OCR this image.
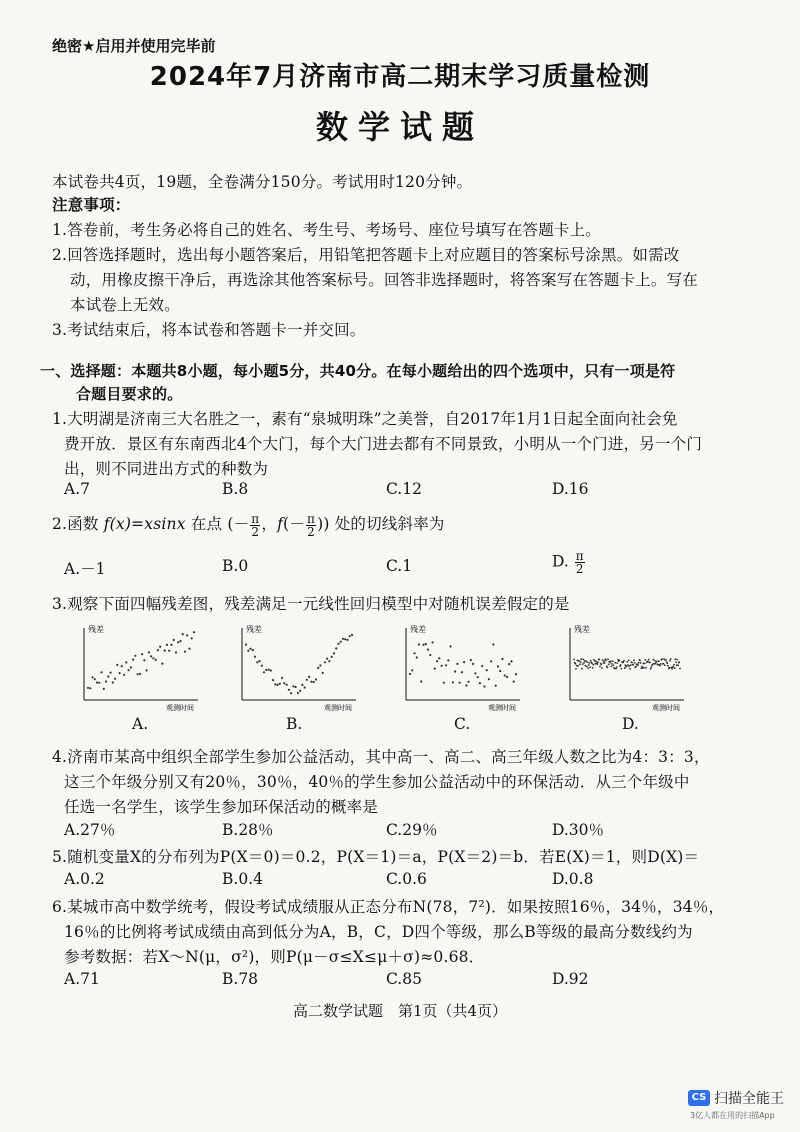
绝密★启用并使用完毕前
2024年7月济南市高二期末学习质量检测
数学试题
本试卷共4页，19题，全卷满分150分。考试用时120分钟。
注意事项：
1.答卷前，考生务必将自己的姓名、考生号、考场号、座位号填写在答题卡上。
2.回答选择题时，选出每小题答案后，用铅笔把答题卡上对应题目的答案标号涂黑。如需改
动，用橡皮擦干净后，再选涂其他答案标号。回答非选择题时，将答案写在答题卡上。写在
本试卷上无效。
3.考试结束后，将本试卷和答题卡一并交回。
一、选择题：本题共8小题，每小题5分，共40分。在每小题给出的四个选项中，只有一项是符
合题目要求的。
1.大明湖是济南三大名胜之一，素有“泉城明珠”之美誉，自2017年1月1日起全面向社会免
费开放．景区有东南西北4个大门，每个大门进去都有不同景致，小明从一个门进，另一个门
出，则不同进出方式的种数为
A.7	B.8	C.12	D.16
2.函数 f(x)=xsinx 在点 (－ $\frac{\pi}{2}$ ，$f(- \frac{\pi}{2}$ )) 处的切线斜率为
A.－1	B.0	C.1	D. $\frac{\pi}{2}$
3.观察下面四幅残差图，残差满足一元线性回归模型中对随机误差假定的是
残差
观测时间
残差
观测时间
残差
观测时间
残差
观测时间
A.	B.	C.	D.
4.济南市某高中组织全部学生参加公益活动，其中高一、高二、高三年级人数之比为4：3：3，
这三个年级分别又有20％，30％，40％的学生参加公益活动中的环保活动．从三个年级中
任选一名学生，该学生参加环保活动的概率是
A.27％	B.28％	C.29％	D.30％
5.随机变量X的分布列为P(X＝0)＝0.2，P(X＝1)＝a，P(X＝2)＝b．若E(X)＝1，则D(X)＝
A.0.2	B.0.4	C.0.6	D.0.8
6.某城市高中数学统考，假设考试成绩服从正态分布N(78，7²)．如果按照16％，34％，34％，
16％的比例将考试成绩由高到低分为A，B，C，D四个等级，那么B等级的最高分数线约为
参考数据：若X～N(μ，σ²)，则P(μ－σ≤X≤μ＋σ)≈0.68．
A.71	B.78	C.85	D.92
高二数学试题　第1页（共4页）
CS 扫描全能王
3亿人都在用的扫描App
